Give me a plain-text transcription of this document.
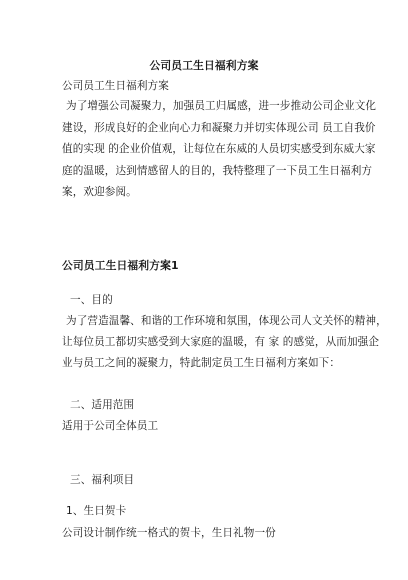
公司员工生日福利方案
公司员工生日福利方案
为了增强公司凝聚力，加强员工归属感，进一步推动公司企业文化
建设，形成良好的企业向心力和凝聚力并切实体现公司 员工自我价
值的实现 的企业价值观，让每位在东威的人员切实感受到东威大家
庭的温暖，达到情感留人的目的，我特整理了一下员工生日福利方
案，欢迎参阅。
公司员工生日福利方案1
一、目的
为了营造温馨、和谐的工作环境和氛围，体现公司人文关怀的精神，
让每位员工都切实感受到大家庭的温暖，有 家 的感觉，从而加强企
业与员工之间的凝聚力，特此制定员工生日福利方案如下：
二、适用范围
适用于公司全体员工
三、福利项目
1、生日贺卡
公司设计制作统一格式的贺卡，生日礼物一份
